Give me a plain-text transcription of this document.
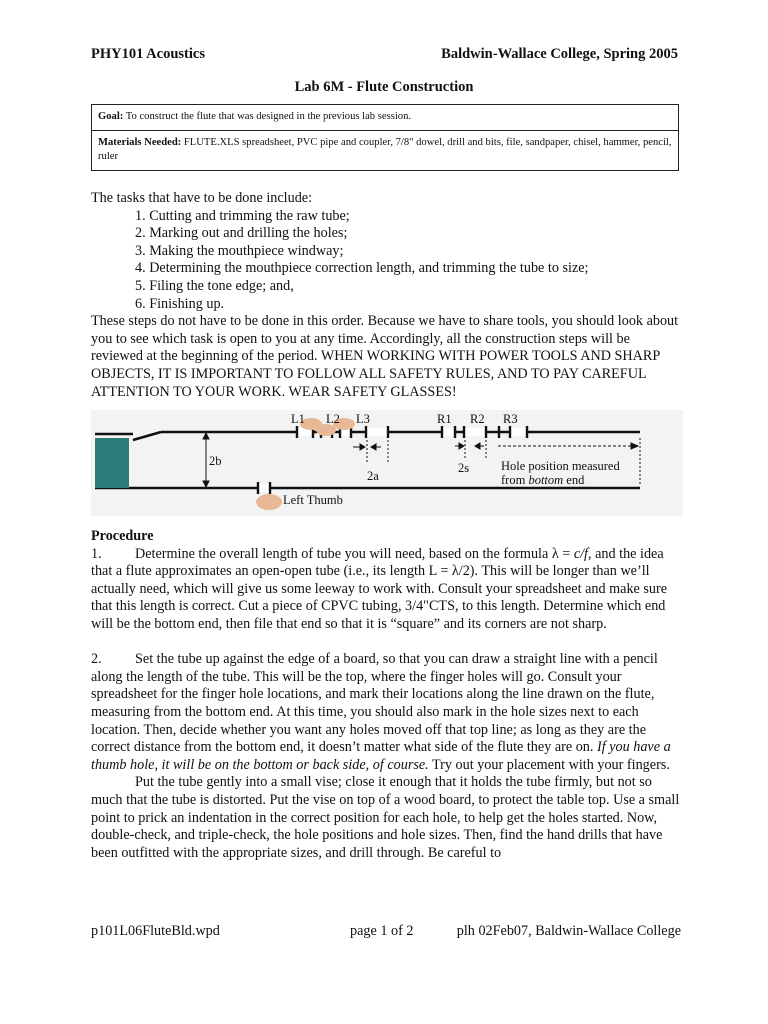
PHY101 Acoustics	Baldwin-Wallace College, Spring 2005
Lab 6M - Flute Construction
Goal: To construct the flute that was designed in the previous lab session.
Materials Needed: FLUTE.XLS spreadsheet, PVC pipe and coupler, 7/8" dowel, drill and bits, file, sandpaper, chisel, hammer, pencil, ruler

The tasks that have to be done include:

1. Cutting and trimming the raw tube;
2. Marking out and drilling the holes;
3. Making the mouthpiece windway;
4. Determining the mouthpiece correction length, and trimming the tube to size;
5. Filing the tone edge; and,
6. Finishing up.

These steps do not have to be done in this order. Because we have to share tools, you should look about you to see which task is open to you at any time. Accordingly, all the construction steps will be reviewed at the beginning of the period. WHEN WORKING WITH POWER TOOLS AND SHARP OBJECTS, IT IS IMPORTANT TO FOLLOW ALL SAFETY RULES, AND TO PAY CAREFUL ATTENTION TO YOUR WORK. WEAR SAFETY GLASSES!

L1 L2 L3	R1 R2 R3
2b
2a
2s
Left Thumb
Hole position measured
from bottom end

Procedure

1. Determine the overall length of tube you will need, based on the formula λ = c/f, and the idea that a flute approximates an open-open tube (i.e., its length L = λ/2). This will be longer than we’ll actually need, which will give us some leeway to work with. Consult your spreadsheet and make sure that this length is correct. Cut a piece of CPVC tubing, 3/4"CTS, to this length. Determine which end will be the bottom end, then file that end so that it is “square” and its corners are not sharp.

2. Set the tube up against the edge of a board, so that you can draw a straight line with a pencil along the length of the tube. This will be the top, where the finger holes will go. Consult your spreadsheet for the finger hole locations, and mark their locations along the line drawn on the flute, measuring from the bottom end. At this time, you should also mark in the hole sizes next to each location. Then, decide whether you want any holes moved off that top line; as long as they are the correct distance from the bottom end, it doesn’t matter what side of the flute they are on. If you have a thumb hole, it will be on the bottom or back side, of course. Try out your placement with your fingers.

Put the tube gently into a small vise; close it enough that it holds the tube firmly, but not so much that the tube is distorted. Put the vise on top of a wood board, to protect the table top. Use a small point to prick an indentation in the correct position for each hole, to help get the holes started. Now, double-check, and triple-check, the hole positions and hole sizes. Then, find the hand drills that have been outfitted with the appropriate sizes, and drill through. Be careful to

p101L06FluteBld.wpd	page 1 of 2	plh 02Feb07, Baldwin-Wallace College
